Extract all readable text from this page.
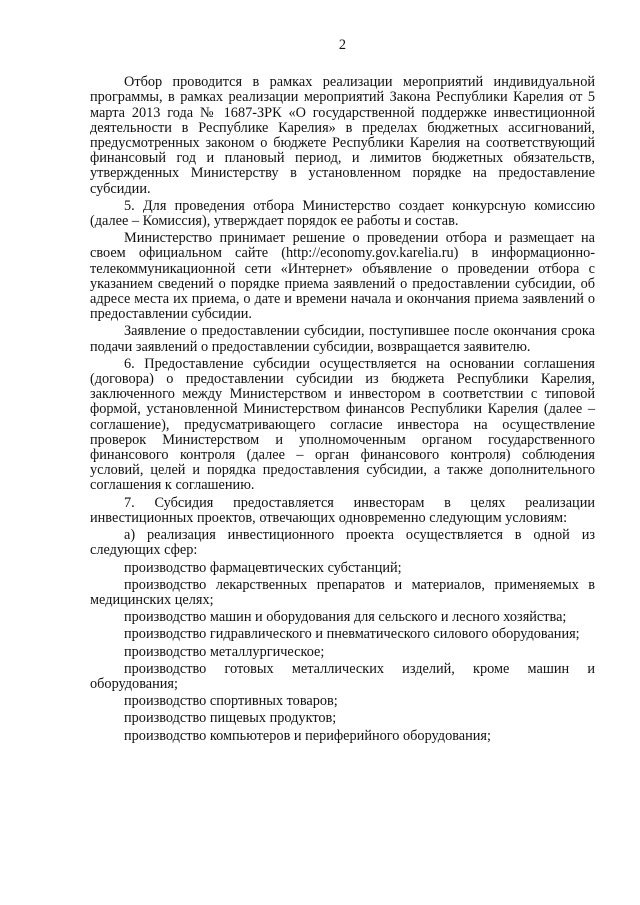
2

Отбор проводится в рамках реализации мероприятий индивидуальной программы, в рамках реализации мероприятий Закона Республики Карелия от 5 марта 2013 года № 1687-ЗРК «О государственной поддержке инвестиционной деятельности в Республике Карелия» в пределах бюджетных ассигнований, предусмотренных законом о бюджете Республики Карелия на соответствующий финансовый год и плановый период, и лимитов бюджетных обязательств, утвержденных Министерству в установленном порядке на предоставление субсидии.

5. Для проведения отбора Министерство создает конкурсную комиссию (далее – Комиссия), утверждает порядок ее работы и состав.

Министерство принимает решение о проведении отбора и размещает на своем официальном сайте (http://economy.gov.karelia.ru) в информационно-телекоммуникационной сети «Интернет» объявление о проведении отбора с указанием сведений о порядке приема заявлений о предоставлении субсидии, об адресе места их приема, о дате и времени начала и окончания приема заявлений о предоставлении субсидии.

Заявление о предоставлении субсидии, поступившее после окончания срока подачи заявлений о предоставлении субсидии, возвращается заявителю.

6. Предоставление субсидии осуществляется на основании соглашения (договора) о предоставлении субсидии из бюджета Республики Карелия, заключенного между Министерством и инвестором в соответствии с типовой формой, установленной Министерством финансов Республики Карелия (далее – соглашение), предусматривающего согласие инвестора на осуществление проверок Министерством и уполномоченным органом государственного финансового контроля (далее – орган финансового контроля) соблюдения условий, целей и порядка предоставления субсидии, а также дополнительного соглашения к соглашению.

7. Субсидия предоставляется инвесторам в целях реализации инвестиционных проектов, отвечающих одновременно следующим условиям:

а) реализация инвестиционного проекта осуществляется в одной из следующих сфер:

производство фармацевтических субстанций;

производство лекарственных препаратов и материалов, применяемых в медицинских целях;

производство машин и оборудования для сельского и лесного хозяйства;

производство гидравлического и пневматического силового оборудования;

производство металлургическое;

производство готовых металлических изделий, кроме машин и оборудования;

производство спортивных товаров;

производство пищевых продуктов;

производство компьютеров и периферийного оборудования;
